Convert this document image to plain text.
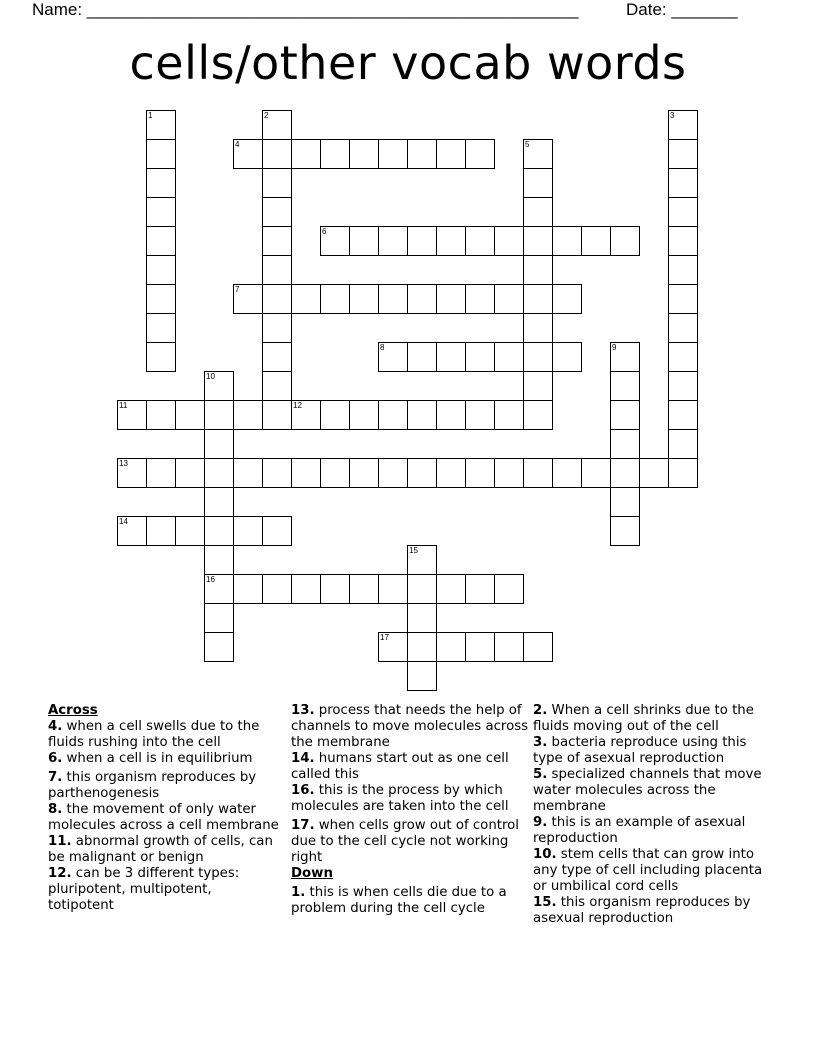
Name: ____________________________________________________	Date: _______
cells/other vocab words
1	2	3
4	5
6
7
8	9
10
16
11	12
13
14
15
17
Across
4. when a cell swells due to the fluids rushing into the cell
6. when a cell is in equilibrium
7. this organism reproduces by parthenogenesis
8. the movement of only water molecules across a cell membrane
11. abnormal growth of cells, can be malignant or benign
12. can be 3 different types: pluripotent, multipotent, totipotent
13. process that needs the help of channels to move molecules across the membrane
14. humans start out as one cell called this
16. this is the process by which molecules are taken into the cell
17. when cells grow out of control due to the cell cycle not working right
Down
1. this is when cells die due to a problem during the cell cycle
2. When a cell shrinks due to the fluids moving out of the cell
3. bacteria reproduce using this type of asexual reproduction
5. specialized channels that move water molecules across the membrane
9. this is an example of asexual reproduction
10. stem cells that can grow into any type of cell including placenta or umbilical cord cells
15. this organism reproduces by asexual reproduction
